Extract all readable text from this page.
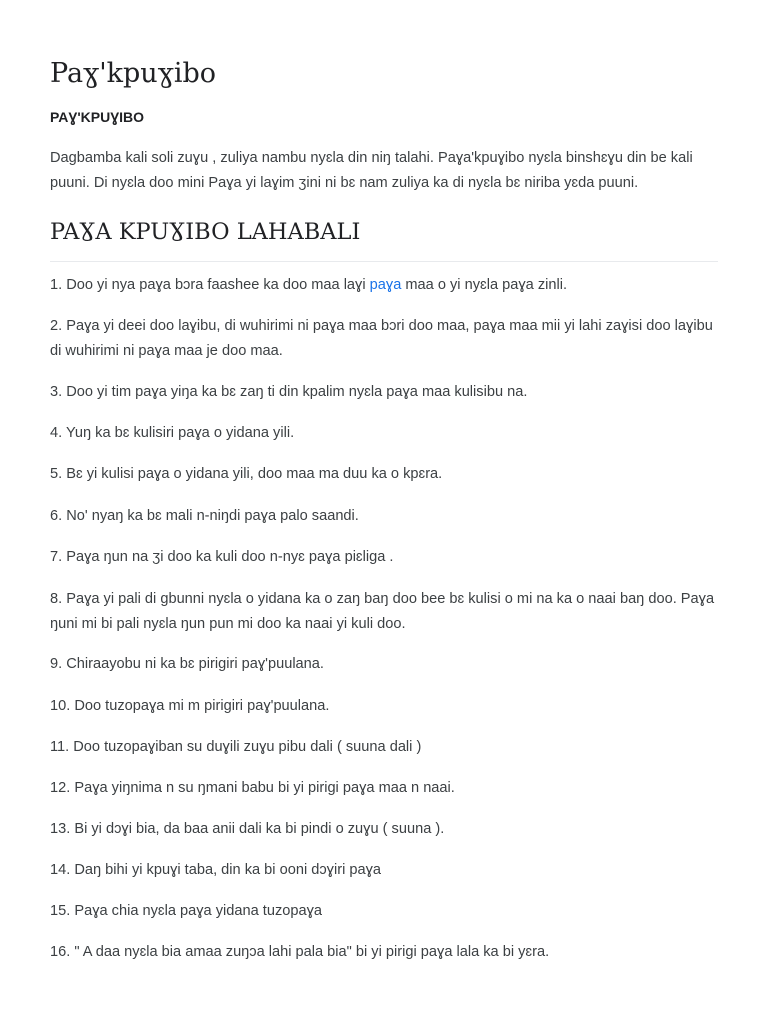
Paɣ'kpuɣibo
PAƔ'KPUƔIBO

Dagbamba kali soli zuɣu , zuliya nambu nyɛla din niŋ talahi. Paɣa'kpuɣibo nyɛla binshɛɣu din be kali puuni. Di nyɛla doo mini Paɣa yi laɣim ʒini ni bɛ nam zuliya ka di nyɛla bɛ niriba yɛda puuni.

PAƔA KPUƔIBO LAHABALI

1. Doo yi nya paɣa bɔra faashee ka doo maa laɣi paɣa maa o yi nyɛla paɣa zinli.

2. Paɣa yi deei doo laɣibu, di wuhirimi ni paɣa maa bɔri doo maa, paɣa maa mii yi lahi zaɣisi doo laɣibu di wuhirimi ni paɣa maa je doo maa.

3. Doo yi tim paɣa yiŋa ka bɛ zaŋ ti din kpalim nyɛla paɣa maa kulisibu na.

4. Yuŋ ka bɛ kulisiri paɣa o yidana yili.

5. Bɛ yi kulisi paɣa o yidana yili, doo maa ma duu ka o kpɛra.

6. No' nyaŋ ka bɛ mali n-niŋdi paɣa palo saandi.

7. Paɣa ŋun na ʒi doo ka kuli doo n-nyɛ paɣa piɛliga .

8. Paɣa yi pali di gbunni nyɛla o yidana ka o zaŋ baŋ doo bee bɛ kulisi o mi na ka o naai baŋ doo. Paɣa ŋuni mi bi pali nyɛla ŋun pun mi doo ka naai yi kuli doo.

9. Chiraayobu ni ka bɛ pirigiri paɣ'puulana.

10. Doo tuzopaɣa mi m pirigiri paɣ'puulana.

11. Doo tuzopaɣiban su duɣili zuɣu pibu dali ( suuna dali )

12. Paɣa yiŋnima n su ŋmani babu bi yi pirigi paɣa maa n naai.

13. Bi yi dɔɣi bia, da baa anii dali ka bi pindi o zuɣu ( suuna ).

14. Daŋ bihi yi kpuɣi taba, din ka bi ooni dɔɣiri paɣa

15. Paɣa chia nyɛla paɣa yidana tuzopaɣa

16. " A daa nyɛla bia amaa zuŋɔa lahi pala bia" bi yi pirigi paɣa lala ka bi yɛra.
